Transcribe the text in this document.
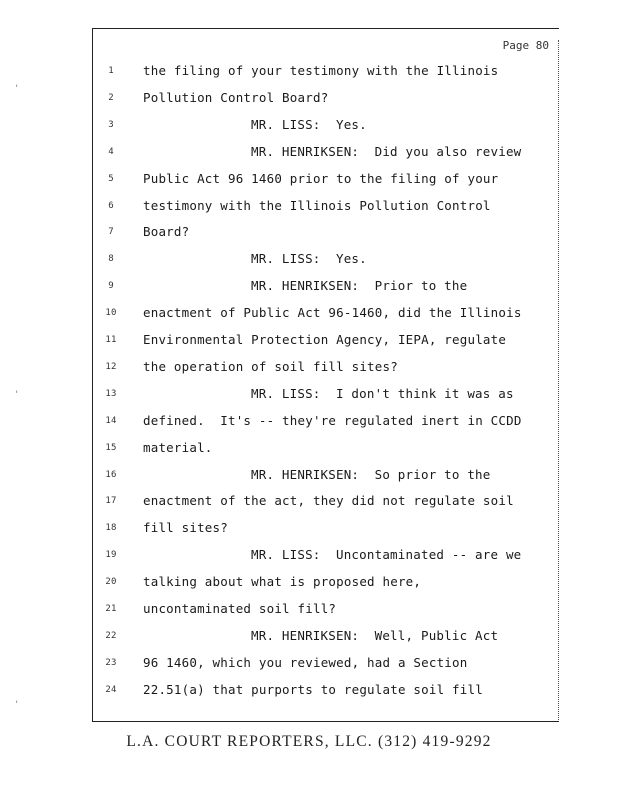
Page 80
1	the filing of your testimony with the Illinois
2	Pollution Control Board?
3	MR. LISS:  Yes.
4	MR. HENRIKSEN:  Did you also review
5	Public Act 96 1460 prior to the filing of your
6	testimony with the Illinois Pollution Control
7	Board?
8	MR. LISS:  Yes.
9	MR. HENRIKSEN:  Prior to the
10	enactment of Public Act 96-1460, did the Illinois
11	Environmental Protection Agency, IEPA, regulate
12	the operation of soil fill sites?
13	MR. LISS:  I don't think it was as
14	defined.  It's -- they're regulated inert in CCDD
15	material.
16	MR. HENRIKSEN:  So prior to the
17	enactment of the act, they did not regulate soil
18	fill sites?
19	MR. LISS:  Uncontaminated -- are we
20	talking about what is proposed here,
21	uncontaminated soil fill?
22	MR. HENRIKSEN:  Well, Public Act
23	96 1460, which you reviewed, had a Section
24	22.51(a) that purports to regulate soil fill
'
'
'
L.A. COURT REPORTERS, LLC. (312) 419-9292
